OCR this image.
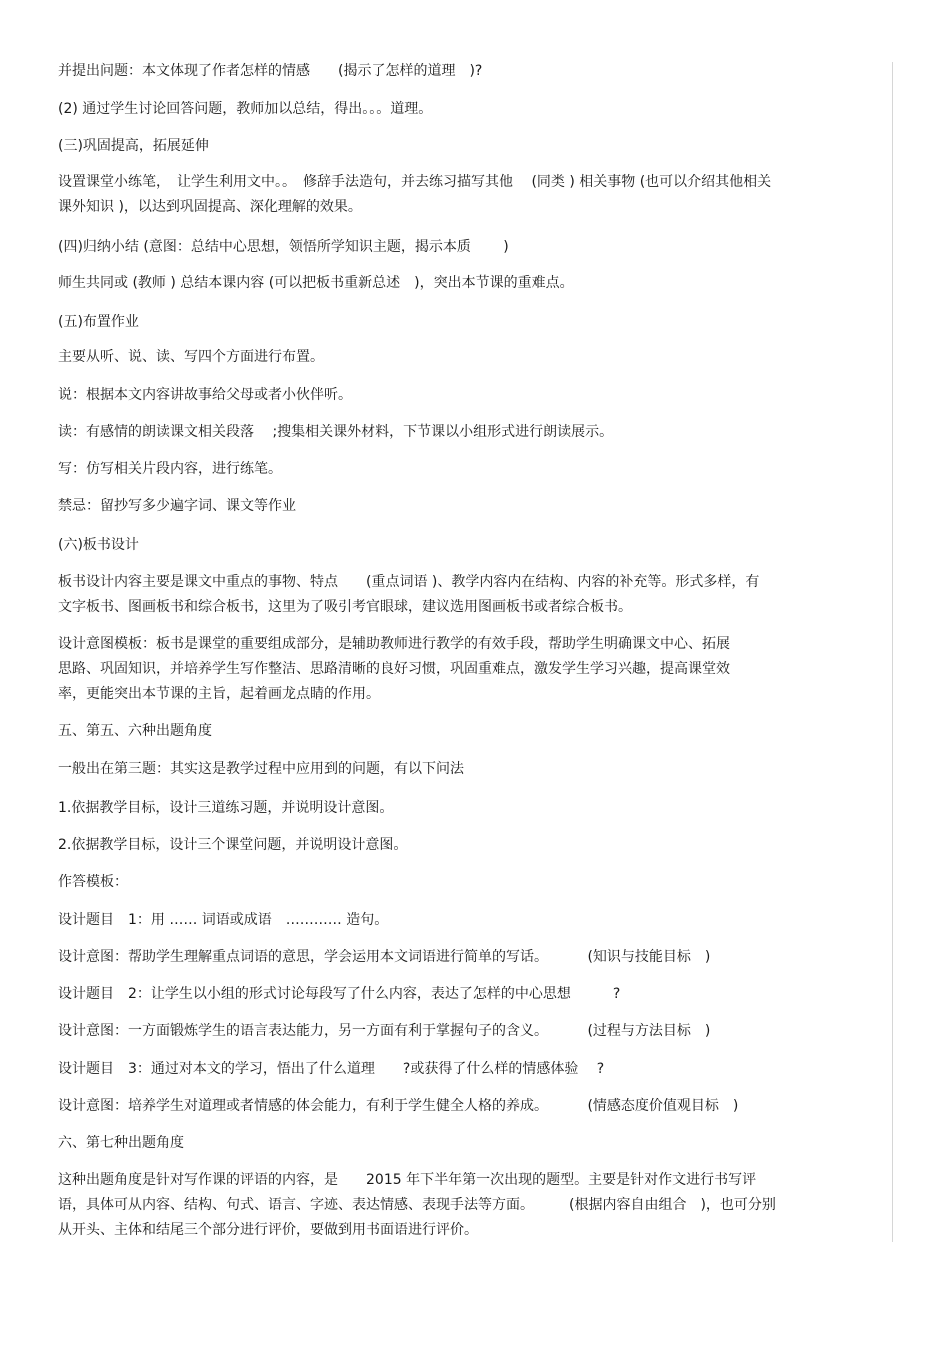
并提出问题：本文体现了作者怎样的情感　　(揭示了怎样的道理　)?

(2) 通过学生讨论回答问题，教师加以总结，得出。。。道理。

(三)巩固提高，拓展延伸

设置课堂小练笔，　让学生利用文中。。　修辞手法造句，并去练习描写其他　 (同类 ) 相关事物 (也可以介绍其他相关
课外知识 )，以达到巩固提高、深化理解的效果。

(四)归纳小结 (意图：总结中心思想，领悟所学知识主题，揭示本质　　 )

师生共同或 (教师 ) 总结本课内容 (可以把板书重新总述　)，突出本节课的重难点。

(五)布置作业

主要从听、说、读、写四个方面进行布置。

说：根据本文内容讲故事给父母或者小伙伴听。

读：有感情的朗读课文相关段落　 ;搜集相关课外材料，下节课以小组形式进行朗读展示。

写：仿写相关片段内容，进行练笔。

禁忌：留抄写多少遍字词、课文等作业

(六)板书设计

板书设计内容主要是课文中重点的事物、特点　　(重点词语 )、教学内容内在结构、内容的补充等。形式多样，有
文字板书、图画板书和综合板书，这里为了吸引考官眼球，建议选用图画板书或者综合板书。

设计意图模板：板书是课堂的重要组成部分，是辅助教师进行教学的有效手段，帮助学生明确课文中心、拓展
思路、巩固知识，并培养学生写作整洁、思路清晰的良好习惯，巩固重难点，激发学生学习兴趣，提高课堂效
率，更能突出本节课的主旨，起着画龙点睛的作用。

五、第五、六种出题角度

一般出在第三题：其实这是教学过程中应用到的问题，有以下问法

1.依据教学目标，设计三道练习题，并说明设计意图。

2.依据教学目标，设计三个课堂问题，并说明设计意图。

作答模板：

设计题目　1：用 …… 词语或成语　………… 造句。

设计意图：帮助学生理解重点词语的意思，学会运用本文词语进行简单的写话。　　　 (知识与技能目标　)

设计题目　2：让学生以小组的形式讨论每段写了什么内容，表达了怎样的中心思想　　　?

设计意图：一方面锻炼学生的语言表达能力，另一方面有利于掌握句子的含义。　　　 (过程与方法目标　)

设计题目　3：通过对本文的学习，悟出了什么道理　　?或获得了什么样的情感体验　 ?

设计意图：培养学生对道理或者情感的体会能力，有利于学生健全人格的养成。　　　 (情感态度价值观目标　)

六、第七种出题角度

这种出题角度是针对写作课的评语的内容，是　　2015 年下半年第一次出现的题型。主要是针对作文进行书写评
语，具体可从内容、结构、句式、语言、字迹、表达情感、表现手法等方面。　　　(根据内容自由组合　)，也可分别
从开头、主体和结尾三个部分进行评价，要做到用书面语进行评价。
